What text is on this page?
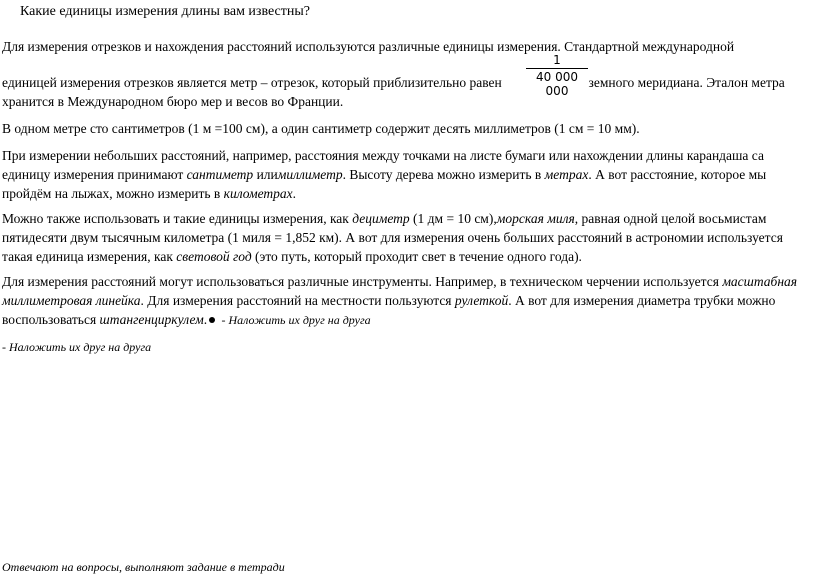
Какие единицы измерения длины вам известны?
Для измерения отрезков и нахождения расстояний используются различные единицы измерения. Стандартной международной
единицей измерения отрезков является метр – отрезок, который приблизительно равен	земного меридиана. Эталон метра
1
40 000 000
хранится в Международном бюро мер и весов во Франции.
В одном метре сто сантиметров (1 м =100 см), а один сантиметр содержит десять миллиметров (1 см = 10 мм).
При измерении небольших расстояний, например, расстояния между точками на листе бумаги или нахождении длины карандаша са единицу измерения принимают сантиметр илимиллиметр. Высоту дерева можно измерить в метрах. А вот расстояние, которое мы пройдём на лыжах, можно измерить в километрах.
Можно также использовать и такие единицы измерения, как дециметр (1 дм = 10 см),морская миля, равная одной целой восьмистам пятидесяти двум тысячным километра (1 миля = 1,852 км). А вот для измерения очень больших расстояний в астрономии используется такая единица измерения, как световой год (это путь, который проходит свет в течение одного года).
Для измерения расстояний могут использоваться различные инструменты. Например, в техническом черчении используется масштабная миллиметровая линейка. Для измерения расстояний на местности пользуются рулеткой. А вот для измерения диаметра трубки можно воспользоваться штангенциркулем. - Наложить их друг на друга
- Наложить их друг на друга
Отвечают на вопросы, выполняют задание в тетради
